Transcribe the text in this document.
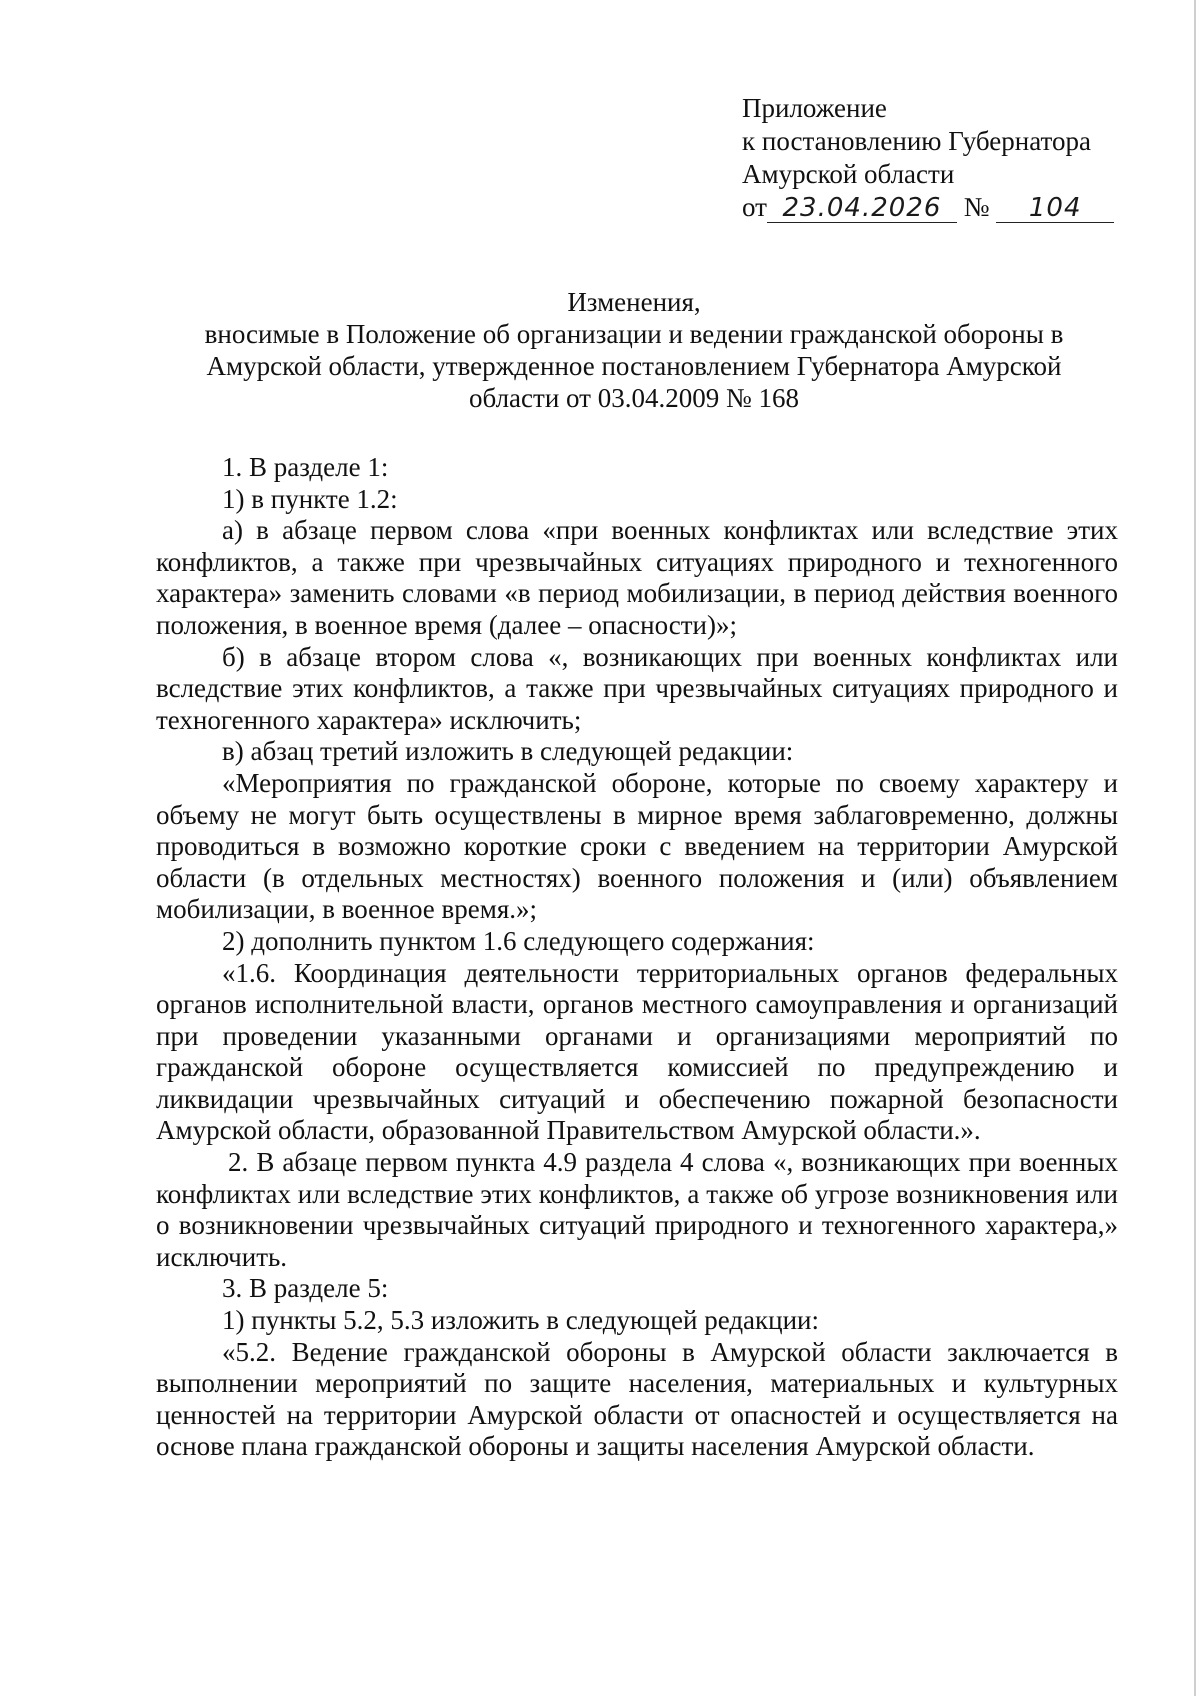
Приложение
к постановлению Губернатора
Амурской области
от 23.04.2026 № 104
Изменения,
вносимые в Положение об организации и ведении гражданской обороны в
Амурской области, утвержденное постановлением Губернатора Амурской
области от 03.04.2009 № 168

1. В разделе 1:

1) в пункте 1.2:

а) в абзаце первом слова «при военных конфликтах или вследствие этих конфликтов, а также при чрезвычайных ситуациях природного и техногенного характера» заменить словами «в период мобилизации, в период действия военного положения, в военное время (далее – опасности)»;

б) в абзаце втором слова «, возникающих при военных конфликтах или вследствие этих конфликтов, а также при чрезвычайных ситуациях природного и техногенного характера» исключить;

в) абзац третий изложить в следующей редакции:

«Мероприятия по гражданской обороне, которые по своему характеру и объему не могут быть осуществлены в мирное время заблаговременно, должны проводиться в возможно короткие сроки с введением на территории Амурской области (в отдельных местностях) военного положения и (или) объявлением мобилизации, в военное время.»;

2) дополнить пунктом 1.6 следующего содержания:

«1.6. Координация деятельности территориальных органов федеральных органов исполнительной власти, органов местного самоуправления и организаций при проведении указанными органами и организациями мероприятий по гражданской обороне осуществляется комиссией по предупреждению и ликвидации чрезвычайных ситуаций и обеспечению пожарной безопасности Амурской области, образованной Правительством Амурской области.».

2. В абзаце первом пункта 4.9 раздела 4 слова «, возникающих при военных конфликтах или вследствие этих конфликтов, а также об угрозе возникновения или о возникновении чрезвычайных ситуаций природного и техногенного характера,» исключить.

3. В разделе 5:

1) пункты 5.2, 5.3 изложить в следующей редакции:

«5.2. Ведение гражданской обороны в Амурской области заключается в выполнении мероприятий по защите населения, материальных и культурных ценностей на территории Амурской области от опасностей и осуществляется на основе плана гражданской обороны и защиты населения Амурской области.
